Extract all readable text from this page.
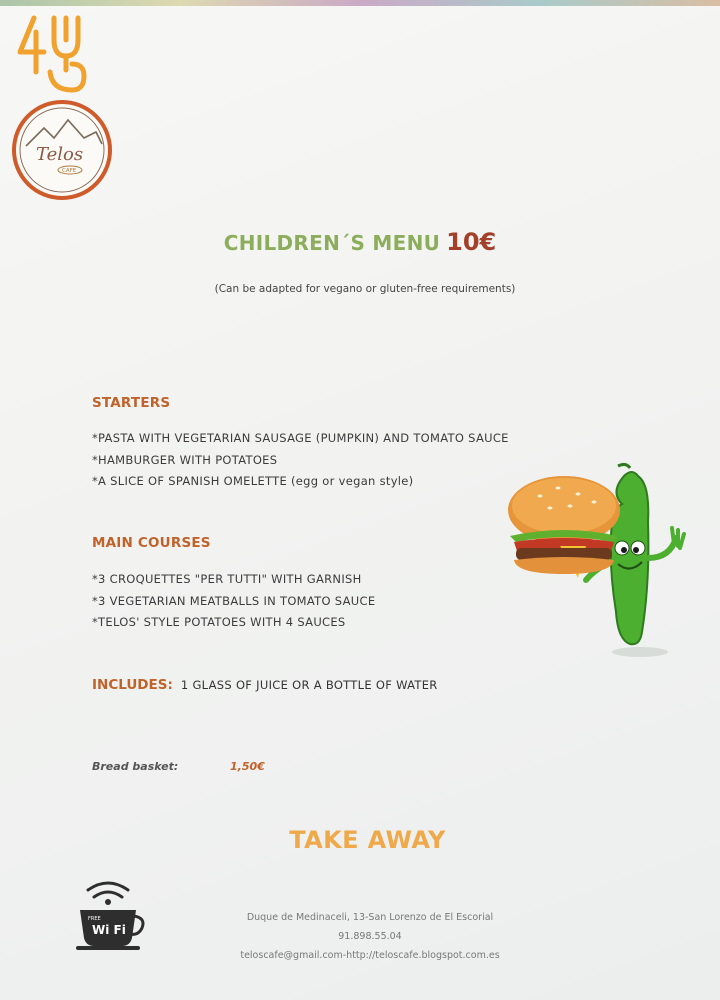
Telos
CAFE
CHILDREN´S MENU 10€
(Can be adapted for vegano or gluten-free requirements)
STARTERS
*PASTA WITH VEGETARIAN SAUSAGE (PUMPKIN) AND TOMATO SAUCE
*HAMBURGER WITH POTATOES
*A SLICE OF SPANISH OMELETTE (egg or vegan style)
MAIN COURSES
*3 CROQUETTES "PER TUTTI" WITH GARNISH
*3 VEGETARIAN MEATBALLS IN TOMATO SAUCE
*TELOS' STYLE POTATOES WITH 4 SAUCES
INCLUDES: 1 GLASS OF JUICE OR A BOTTLE OF WATER
Bread basket:	1,50€
TAKE AWAY
FREE
Wi Fi
Duque de Medinaceli, 13-San Lorenzo de El Escorial
91.898.55.04
teloscafe@gmail.com-http://teloscafe.blogspot.com.es
